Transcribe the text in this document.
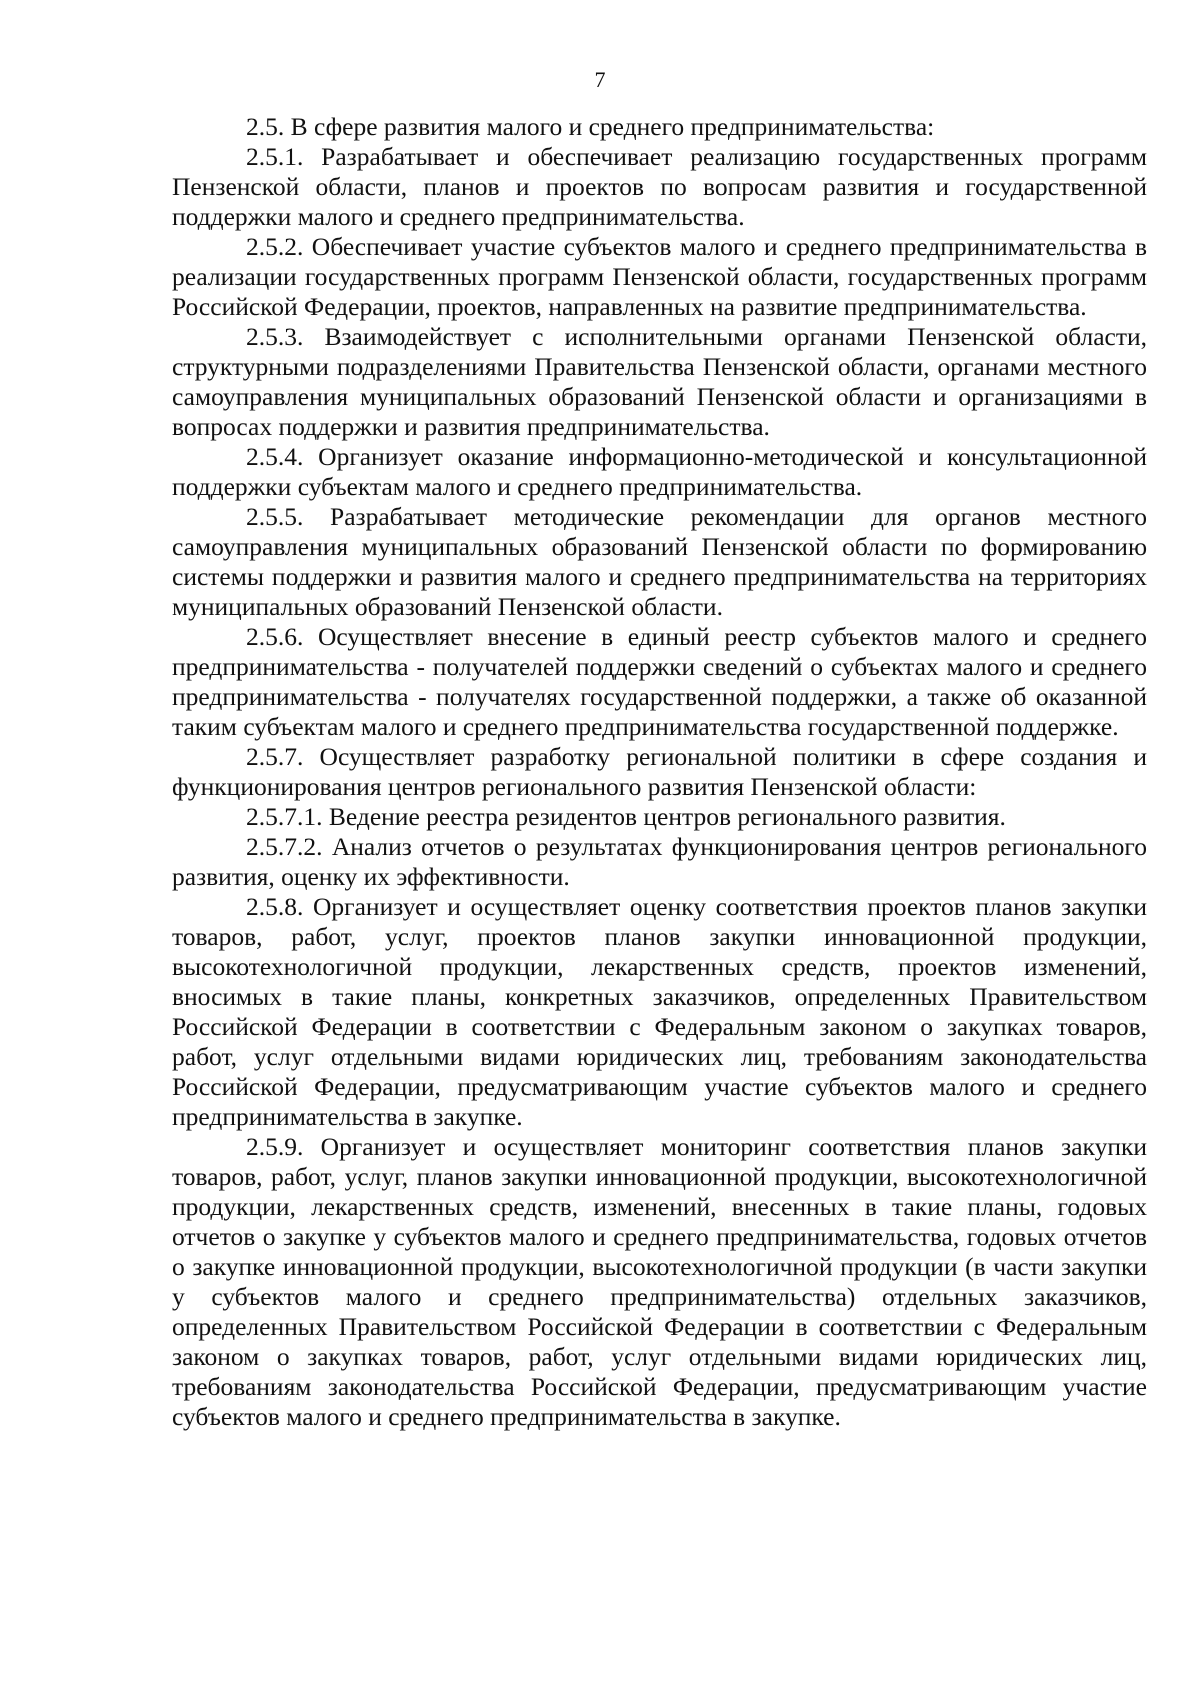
7

2.5. В сфере развития малого и среднего предпринимательства:

2.5.1. Разрабатывает и обеспечивает реализацию государственных программ Пензенской области, планов и проектов по вопросам развития и государственной поддержки малого и среднего предпринимательства.

2.5.2. Обеспечивает участие субъектов малого и среднего предпринимательства в реализации государственных программ Пензенской области, государственных программ Российской Федерации, проектов, направленных на развитие предпринимательства.

2.5.3. Взаимодействует с исполнительными органами Пензенской области, структурными подразделениями Правительства Пензенской области, органами местного самоуправления муниципальных образований Пензенской области и организациями в вопросах поддержки и развития предпринимательства.

2.5.4. Организует оказание информационно-методической и консультационной поддержки субъектам малого и среднего предпринимательства.

2.5.5. Разрабатывает методические рекомендации для органов местного самоуправления муниципальных образований Пензенской области по формированию системы поддержки и развития малого и среднего предпринимательства на территориях муниципальных образований Пензенской области.

2.5.6. Осуществляет внесение в единый реестр субъектов малого и среднего предпринимательства - получателей поддержки сведений о субъектах малого и среднего предпринимательства - получателях государственной поддержки, а также об оказанной таким субъектам малого и среднего предпринимательства государственной поддержке.

2.5.7. Осуществляет разработку региональной политики в сфере создания и функционирования центров регионального развития Пензенской области:

2.5.7.1. Ведение реестра резидентов центров регионального развития.

2.5.7.2. Анализ отчетов о результатах функционирования центров регионального развития, оценку их эффективности.

2.5.8. Организует и осуществляет оценку соответствия проектов планов закупки товаров, работ, услуг, проектов планов закупки инновационной продукции, высокотехнологичной продукции, лекарственных средств, проектов изменений, вносимых в такие планы, конкретных заказчиков, определенных Правительством Российской Федерации в соответствии с Федеральным законом о закупках товаров, работ, услуг отдельными видами юридических лиц, требованиям законодательства Российской Федерации, предусматривающим участие субъектов малого и среднего предпринимательства в закупке.

2.5.9. Организует и осуществляет мониторинг соответствия планов закупки товаров, работ, услуг, планов закупки инновационной продукции, высокотехнологичной продукции, лекарственных средств, изменений, внесенных в такие планы, годовых отчетов о закупке у субъектов малого и среднего предпринимательства, годовых отчетов о закупке инновационной продукции, высокотехнологичной продукции (в части закупки у субъектов малого и среднего предпринимательства) отдельных заказчиков, определенных Правительством Российской Федерации в соответствии с Федеральным законом о закупках товаров, работ, услуг отдельными видами юридических лиц, требованиям законодательства Российской Федерации, предусматривающим участие субъектов малого и среднего предпринимательства в закупке.
